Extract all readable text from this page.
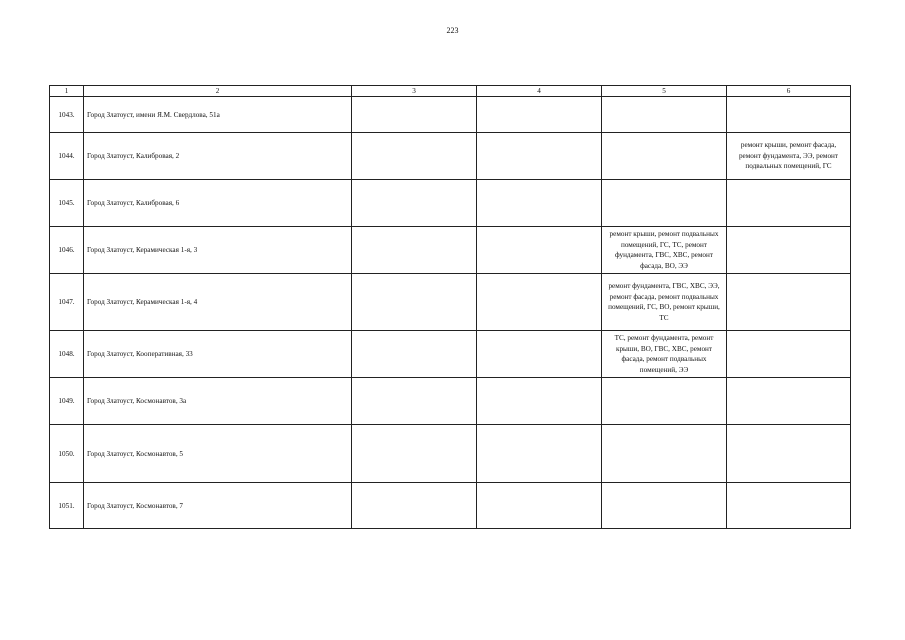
223
1	2	3	4	5	6
1043.	Город Златоуст, имени Я.М. Свердлова, 51а				
1044.	Город Златоуст, Калибровая, 2				ремонт крыши, ремонт фасада, ремонт фундамента, ЭЭ, ремонт подвальных помещений, ГС
1045.	Город Златоуст, Калибровая, 6				
1046.	Город Златоуст, Керамическая 1-я, 3			ремонт крыши, ремонт подвальных помещений, ГС, ТС, ремонт фундамента, ГВС, ХВС, ремонт фасада, ВО, ЭЭ	
1047.	Город Златоуст, Керамическая 1-я, 4			ремонт фундамента, ГВС, ХВС, ЭЭ, ремонт фасада, ремонт подвальных помещений, ГС, ВО, ремонт крыши, ТС	
1048.	Город Златоуст, Кооперативная, 33			ТС, ремонт фундамента, ремонт крыши, ВО, ГВС, ХВС, ремонт фасада, ремонт подвальных помещений, ЭЭ	
1049.	Город Златоуст, Космонавтов, 3а				
1050.	Город Златоуст, Космонавтов, 5				
1051.	Город Златоуст, Космонавтов, 7				
